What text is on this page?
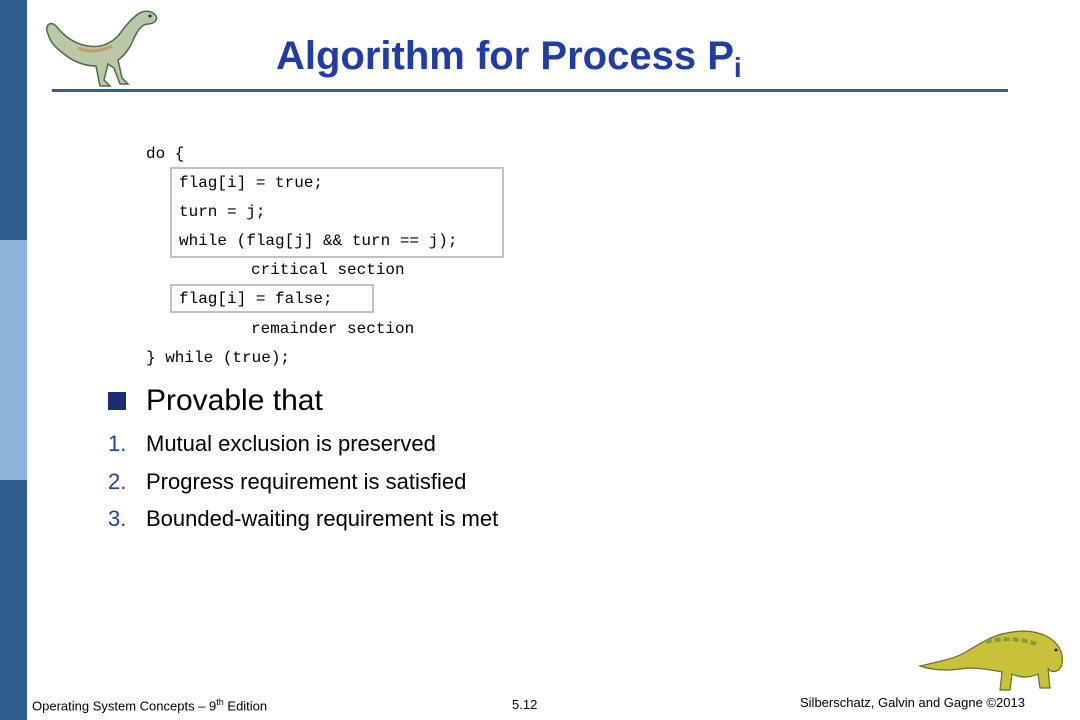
Algorithm for Process $P_i$
do {
flag[i] = true;
turn = j;
while (flag[j] && turn == j);
critical section
flag[i] = false;
remainder section
} while (true);
Provable that
1. Mutual exclusion is preserved
2. Progress requirement is satisfied
3. Bounded-waiting requirement is met
Operating System Concepts – 9th Edition	5.12	Silberschatz, Galvin and Gagne ©2013
